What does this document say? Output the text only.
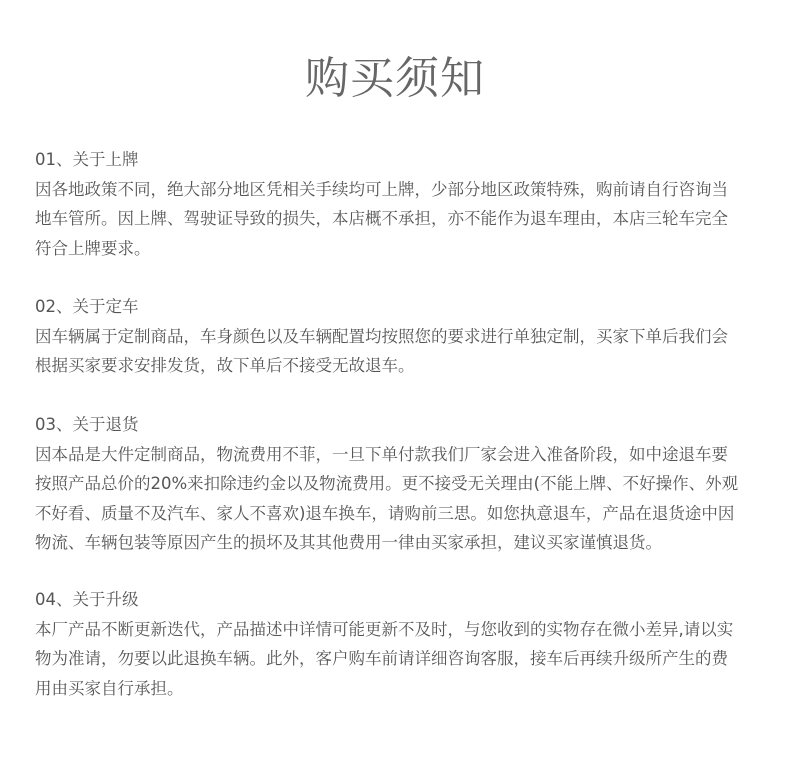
购买须知
01、关于上牌
因各地政策不同，绝大部分地区凭相关手续均可上牌，少部分地区政策特殊，购前请自行咨询当
地车管所。因上牌、驾驶证导致的损失，本店概不承担，亦不能作为退车理由，本店三轮车完全
符合上牌要求。
02、关于定车
因车辆属于定制商品，车身颜色以及车辆配置均按照您的要求进行单独定制，买家下单后我们会
根据买家要求安排发货，故下单后不接受无故退车。
03、关于退货
因本品是大件定制商品，物流费用不菲，一旦下单付款我们厂家会进入准备阶段，如中途退车要
按照产品总价的20%来扣除违约金以及物流费用。更不接受无关理由(不能上牌、不好操作、外观
不好看、质量不及汽车、家人不喜欢)退车换车，请购前三思。如您执意退车，产品在退货途中因
物流、车辆包装等原因产生的损坏及其其他费用一律由买家承担，建议买家谨慎退货。
04、关于升级
本厂产品不断更新迭代，产品描述中详情可能更新不及时，与您收到的实物存在微小差异,请以实
物为准请，勿要以此退换车辆。此外，客户购车前请详细咨询客服，接车后再续升级所产生的费
用由买家自行承担。
